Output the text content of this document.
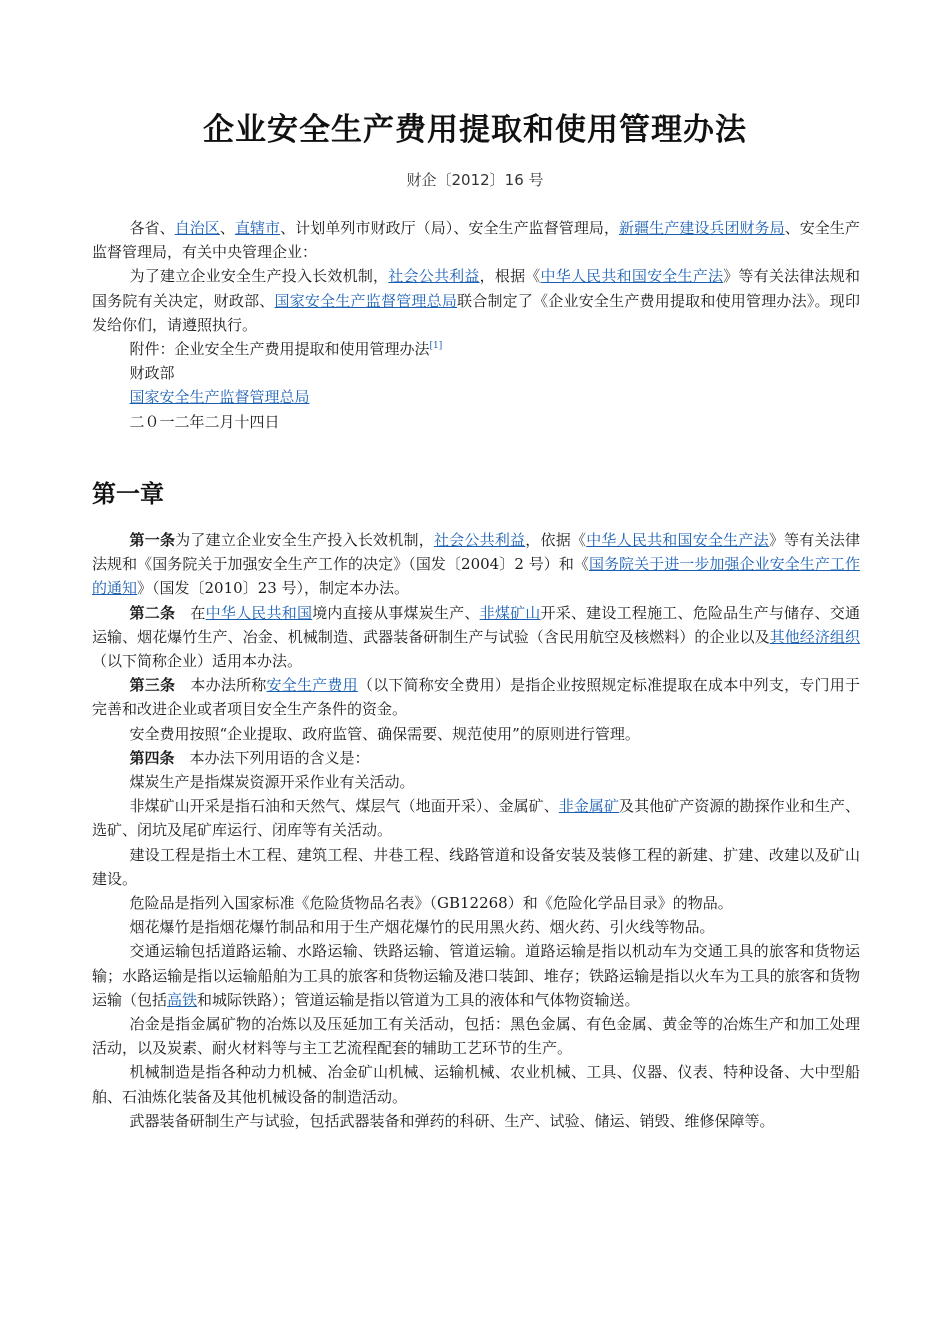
企业安全生产费用提取和使用管理办法
财企〔2012〕16 号

各省、自治区、直辖市、计划单列市财政厅（局）、安全生产监督管理局，新疆生产建设兵团财务局、安全生产监督管理局，有关中央管理企业：

为了建立企业安全生产投入长效机制，社会公共利益，根据《中华人民共和国安全生产法》等有关法律法规和国务院有关决定，财政部、国家安全生产监督管理总局联合制定了《企业安全生产费用提取和使用管理办法》。现印发给你们，请遵照执行。

附件：企业安全生产费用提取和使用管理办法[1]

财政部

国家安全生产监督管理总局

二０一二年二月十四日

第一章

第一条为了建立企业安全生产投入长效机制，社会公共利益，依据《中华人民共和国安全生产法》等有关法律法规和《国务院关于加强安全生产工作的决定》（国发〔2004〕2 号）和《国务院关于进一步加强企业安全生产工作的通知》（国发〔2010〕23 号），制定本办法。

第二条　在中华人民共和国境内直接从事煤炭生产、非煤矿山开采、建设工程施工、危险品生产与储存、交通运输、烟花爆竹生产、冶金、机械制造、武器装备研制生产与试验（含民用航空及核燃料）的企业以及其他经济组织（以下简称企业）适用本办法。

第三条　本办法所称安全生产费用（以下简称安全费用）是指企业按照规定标准提取在成本中列支，专门用于完善和改进企业或者项目安全生产条件的资金。

安全费用按照“企业提取、政府监管、确保需要、规范使用”的原则进行管理。

第四条　本办法下列用语的含义是：

煤炭生产是指煤炭资源开采作业有关活动。

非煤矿山开采是指石油和天然气、煤层气（地面开采）、金属矿、非金属矿及其他矿产资源的勘探作业和生产、选矿、闭坑及尾矿库运行、闭库等有关活动。

建设工程是指土木工程、建筑工程、井巷工程、线路管道和设备安装及装修工程的新建、扩建、改建以及矿山建设。

危险品是指列入国家标准《危险货物品名表》（GB12268）和《危险化学品目录》的物品。

烟花爆竹是指烟花爆竹制品和用于生产烟花爆竹的民用黑火药、烟火药、引火线等物品。

交通运输包括道路运输、水路运输、铁路运输、管道运输。道路运输是指以机动车为交通工具的旅客和货物运输；水路运输是指以运输船舶为工具的旅客和货物运输及港口装卸、堆存；铁路运输是指以火车为工具的旅客和货物运输（包括高铁和城际铁路）；管道运输是指以管道为工具的液体和气体物资输送。

冶金是指金属矿物的冶炼以及压延加工有关活动，包括：黑色金属、有色金属、黄金等的冶炼生产和加工处理活动，以及炭素、耐火材料等与主工艺流程配套的辅助工艺环节的生产。

机械制造是指各种动力机械、冶金矿山机械、运输机械、农业机械、工具、仪器、仪表、特种设备、大中型船舶、石油炼化装备及其他机械设备的制造活动。

武器装备研制生产与试验，包括武器装备和弹药的科研、生产、试验、储运、销毁、维修保障等。
